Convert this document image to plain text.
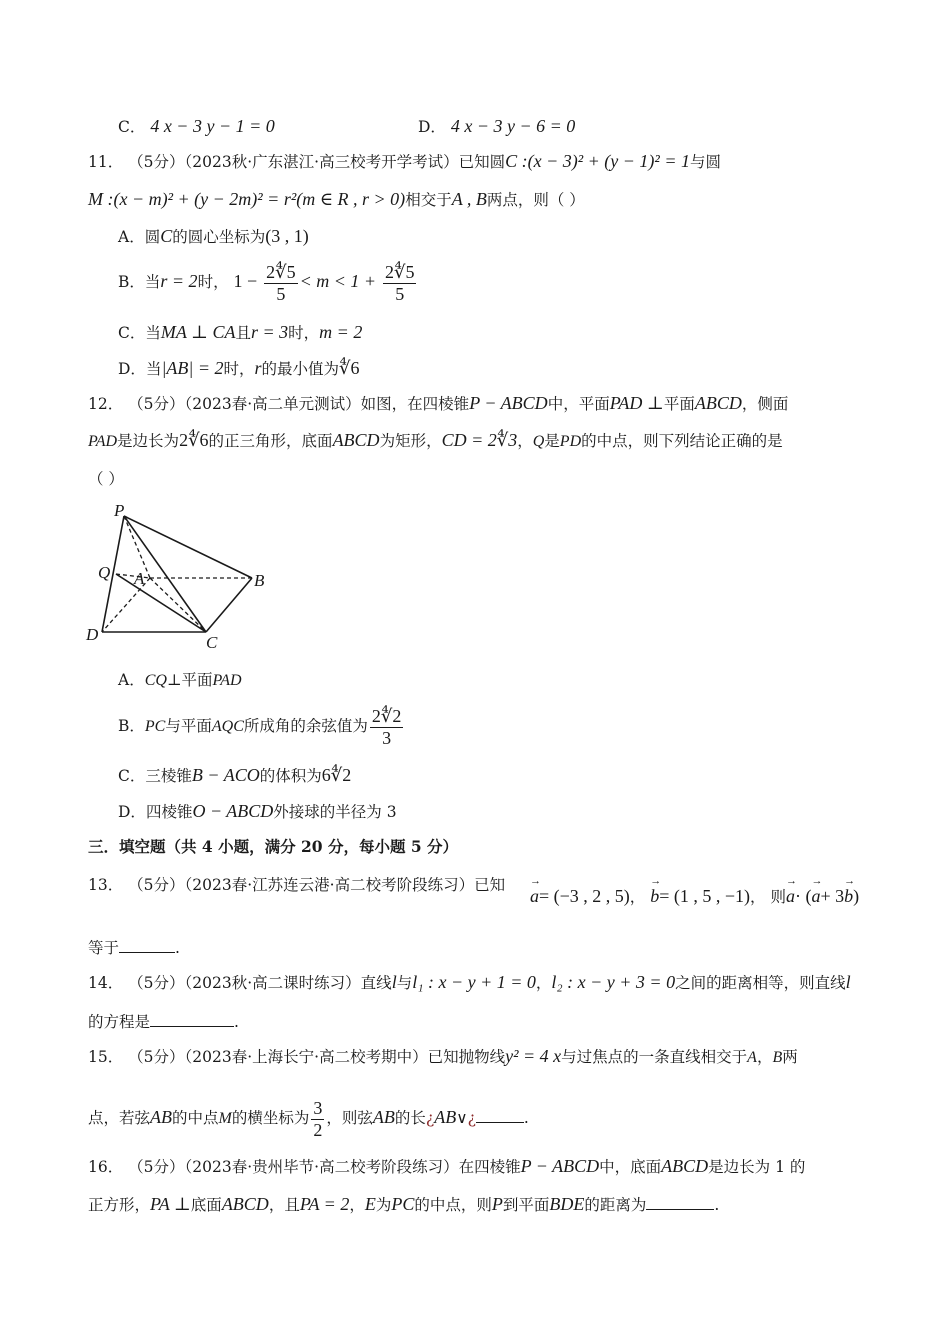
C． 4 x − 3 y − 1 = 0	D． 4 x − 3 y − 6 = 0
11． （5分）（2023秋·广东湛江·高三校考开学考试）已知圆C :(x − 3)² + (y − 1)² = 1与圆
M :(x − m)² + (y − 2m)² = r²(m ∈ R , r > 0)相交于A , B两点，则（ ）
A．圆C的圆心坐标为(3 , 1)
B．当r = 2时， $1 - \frac{2∜5}{5} < m < 1 + \frac{2∜5}{5}$
C．当MA ⊥ CA且r = 3时，m = 2
D．当|AB| = 2时，r的最小值为∜6
12． （5分）（2023春·高二单元测试）如图，在四棱锥P − ABCD中，平面PAD ⊥平面ABCD，侧面
PAD是边长为2∜6的正三角形，底面ABCD为矩形，CD = 2∜3，Q是PD的中点，则下列结论正确的是
（ ）
P
Q A	B
D	C
A．CQ⊥平面PAD
B．PC与平面AQC所成角的余弦值为 $\frac{2∜2}{3}$
C．三棱锥B − ACO的体积为6∜2
D．四棱锥O − ABCD外接球的半径为 3
三．填空题（共 4 小题，满分 20 分，每小题 5 分）
13． （5分）（2023春·江苏连云港·高二校考阶段练习）已知
→ a= (−3 , 2 , 5)， → b= (1 , 5 , −1)， 则→ a· (→ a+ 3→ b)
等于	.
14． （5分）（2023秋·高二课时练习）直线l与l₁ : x − y + 1 = 0，l₂ : x − y + 3 = 0之间的距离相等，则直线l
的方程是	.
15． （5分）（2023春·上海长宁·高二校考期中）已知抛物线y² = 4 x与过焦点的一条直线相交于A，B两
点，若弦AB的中点M的横坐标为 $\frac{3}{2}$ ，则弦AB的长¿AB∨¿	.
16． （5分）（2023春·贵州毕节·高二校考阶段练习）在四棱锥P − ABCD中，底面ABCD是边长为 1 的
正方形，PA ⊥底面ABCD，且PA = 2，E为PC的中点，则P到平面BDE的距离为	.
